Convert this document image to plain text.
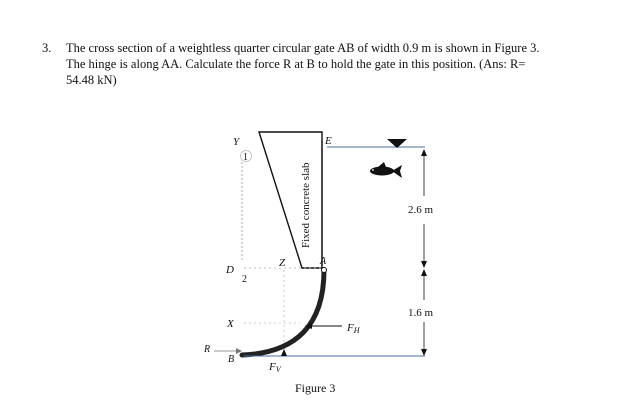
3. The cross section of a weightless quarter circular gate AB of width 0.9 m is shown in Figure 3.
The hinge is along AA. Calculate the force R at B to hold the gate in this position. (Ans: R=
54.48 kN)
Fixed concrete slab	2.6 m
1.6 m
FH
FV
R
Y
1
E
D
2
Z	A
X
B
Figure 3
